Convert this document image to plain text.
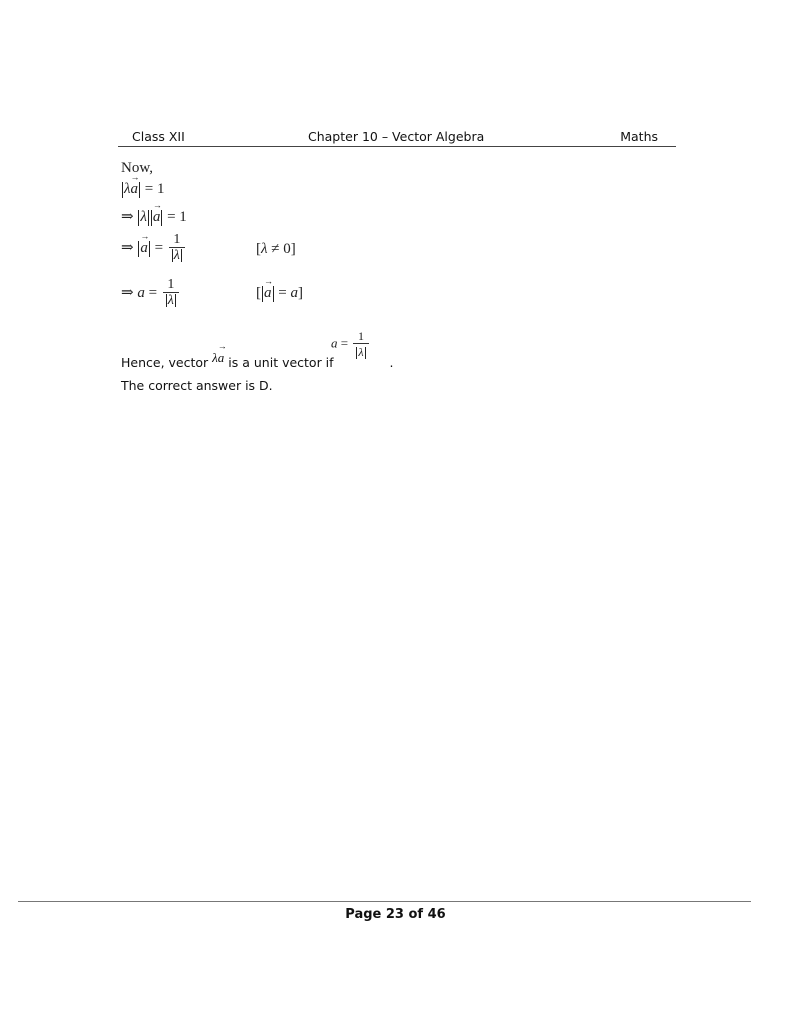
Class XII	Chapter 10 – Vector Algebra	Maths
Now,
λ→ a = 1
⇒ λ → a = 1
⇒ → $a = \frac{1}{\lambda}$	[λ ≠ 0]
⇒ $a = \frac{1}{\lambda}$	[ → a = a]
$a = \frac{1}{\lambda}$
Hence, vector λ→ a is a unit vector if	.
The correct answer is D.
Page 23 of 46
